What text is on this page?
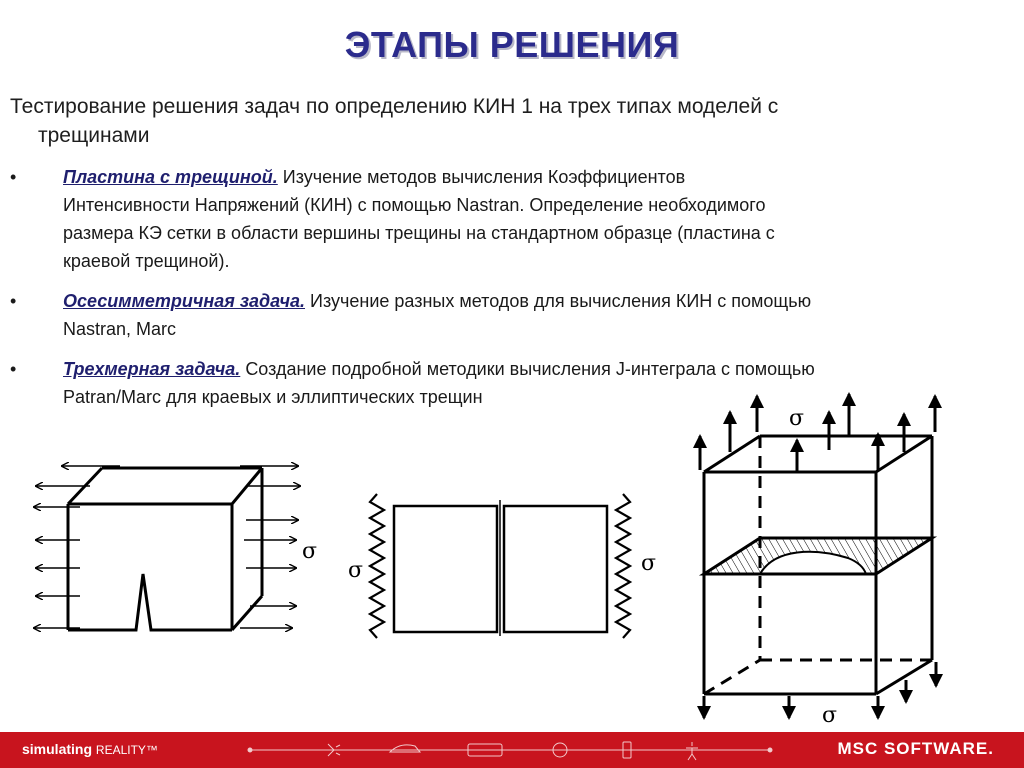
ЭТАПЫ РЕШЕНИЯ
Тестирование решения задач по определению КИН 1 на трех типах моделей с
трещинами
•	Пластина с трещиной. Изучение методов вычисления Коэффициентов
Интенсивности Напряжений (КИН) с помощью Nastran. Определение необходимого
размера КЭ сетки в области вершины трещины на стандартном образце (пластина с
краевой трещиной).
•	Осесимметричная задача. Изучение разных методов для вычисления КИН с помощью
Nastran, Marc
•	Трехмерная задача. Создание подробной методики вычисления J-интеграла с помощью
Patran/Marc для краевых и эллиптических трещин
σ
σ	σ
σ
σ
simulating REALITY™	MSC SOFTWARE.
